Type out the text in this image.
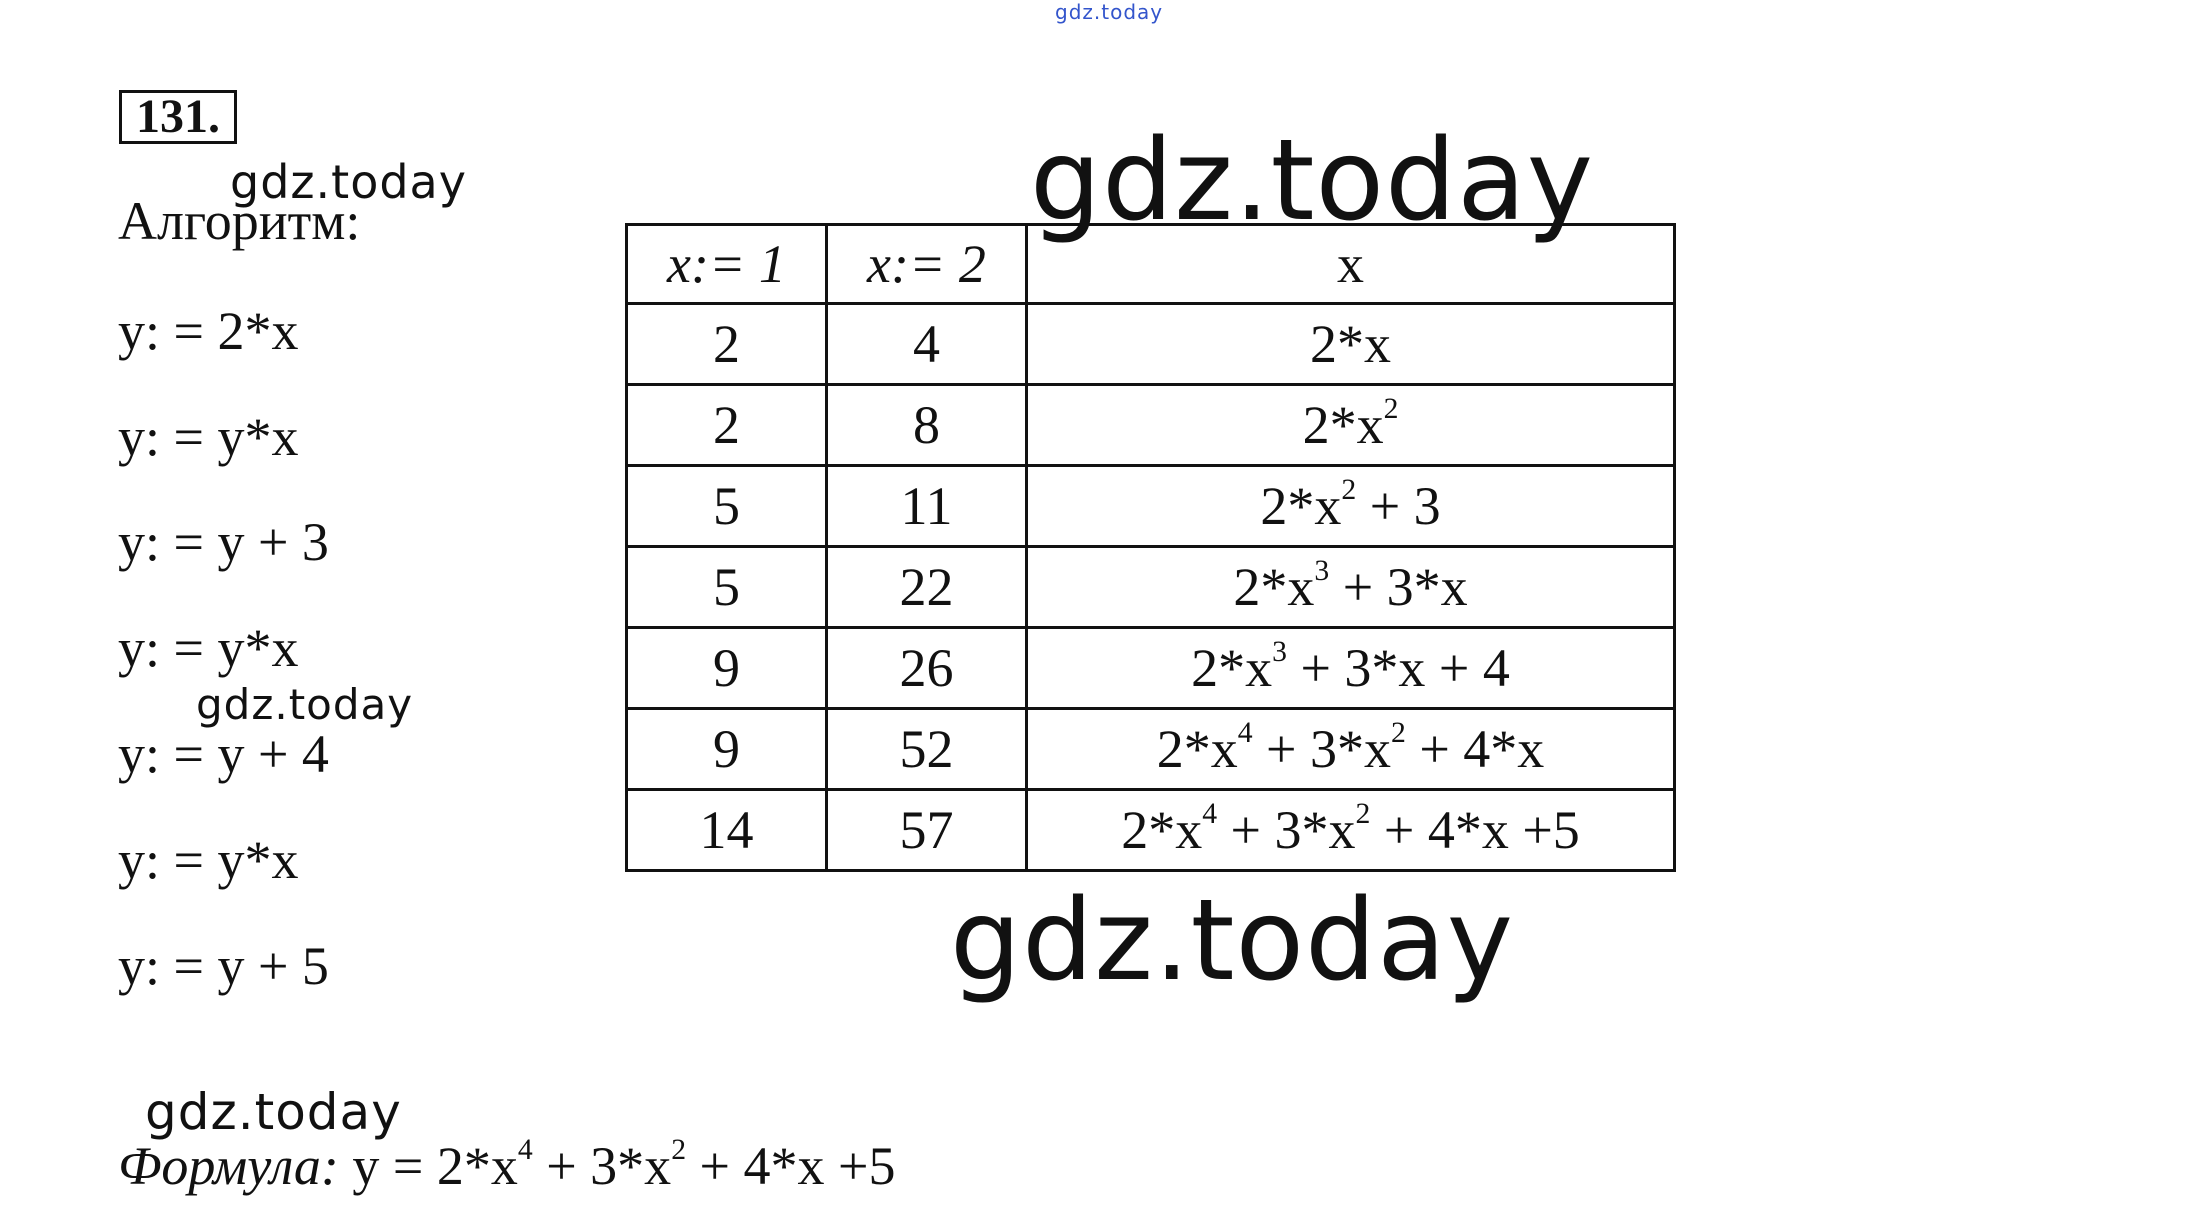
gdz.today
gdz.today
gdz.today
gdz.today
131.
Алгоритм:
y: = 2*x
y: = y*x
y: = y + 3
y: = y*x
y: = y + 4
y: = y*x
y: = y + 5
x:= 1	x:= 2	x
2	4	2*x
2	8	$2*x^2$
5	11	$2*x^2 + 3$
5	22	$2*x^3 + 3*x$
9	26	$2*x^3 + 3*x + 4$
9	52	$2*x^4 + 3*x^2 + 4*x$
14	57	$2*x^4 + 3*x^2 + 4*x +5$
gdz.today
gdz.today
Формула: $y = 2*x^4 + 3*x^2 + 4*x +5$
